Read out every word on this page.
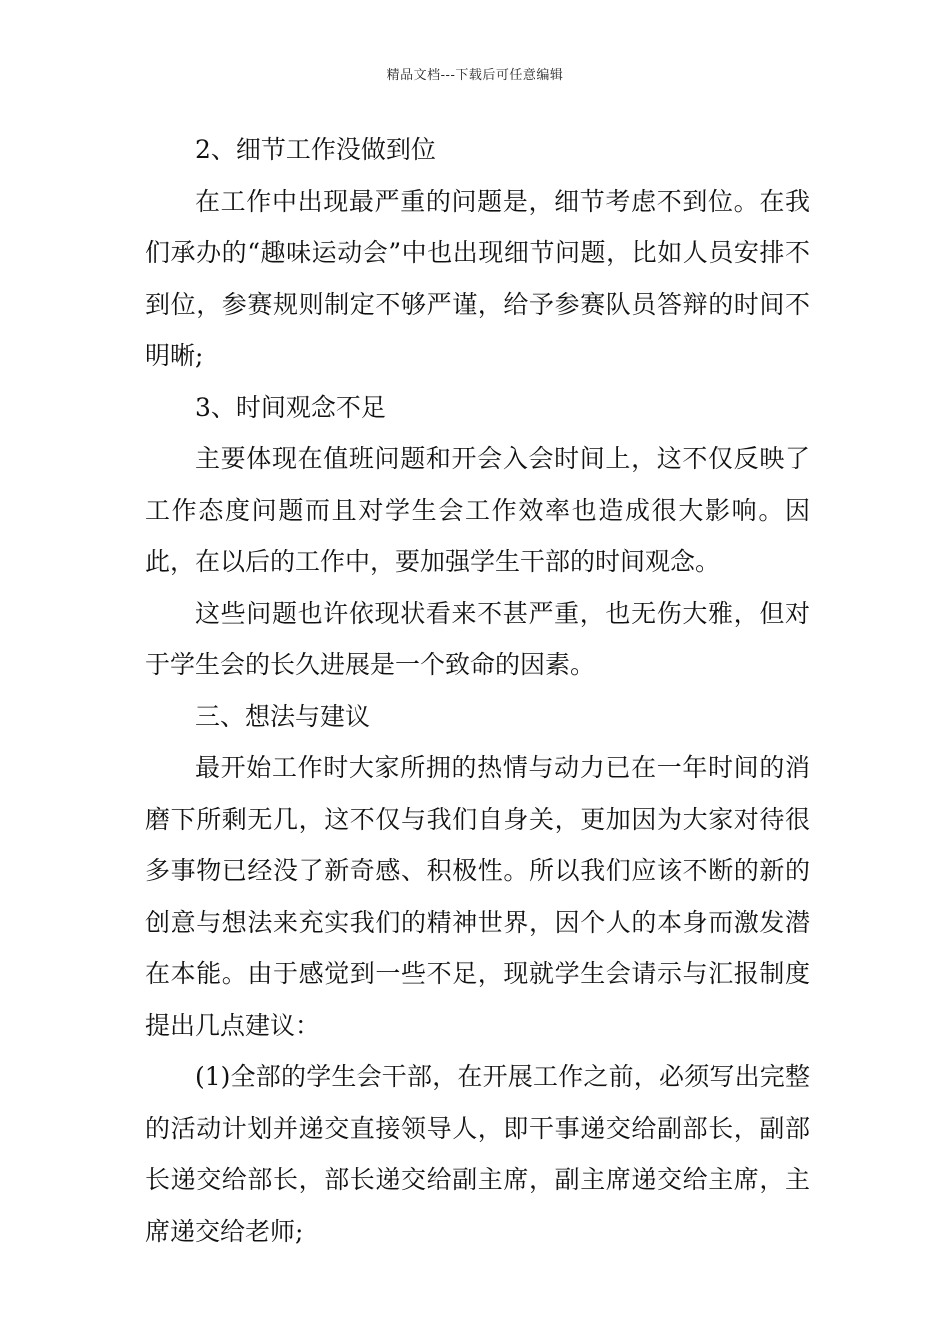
精品文档---下载后可任意编辑

2、细节工作没做到位

在工作中出现最严重的问题是，细节考虑不到位。在我们承办的“趣味运动会”中也出现细节问题，比如人员安排不到位，参赛规则制定不够严谨，给予参赛队员答辩的时间不明晰;

3、时间观念不足

主要体现在值班问题和开会入会时间上，这不仅反映了工作态度问题而且对学生会工作效率也造成很大影响。因此，在以后的工作中，要加强学生干部的时间观念。

这些问题也许依现状看来不甚严重，也无伤大雅，但对于学生会的长久进展是一个致命的因素。

三、想法与建议

最开始工作时大家所拥的热情与动力已在一年时间的消磨下所剩无几，这不仅与我们自身关，更加因为大家对待很多事物已经没了新奇感、积极性。所以我们应该不断的新的创意与想法来充实我们的精神世界，因个人的本身而激发潜在本能。由于感觉到一些不足，现就学生会请示与汇报制度提出几点建议：

(1)全部的学生会干部，在开展工作之前，必须写出完整的活动计划并递交直接领导人，即干事递交给副部长，副部长递交给部长，部长递交给副主席，副主席递交给主席，主席递交给老师;
